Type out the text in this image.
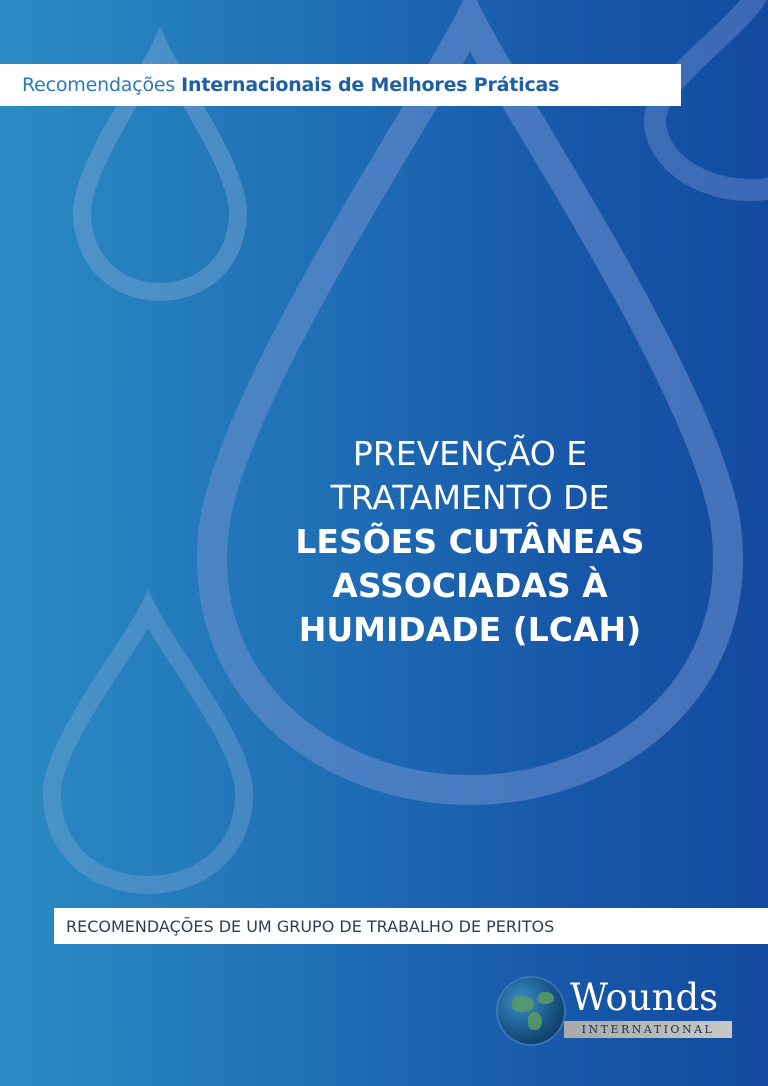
Recomendações Internacionais de Melhores Práticas
PREVENÇÃO E
TRATAMENTO DE
LESÕES CUTÂNEAS
ASSOCIADAS À
HUMIDADE (LCAH)
RECOMENDAÇÕES DE UM GRUPO DE TRABALHO DE PERITOS
Wounds
INTERNATIONAL
